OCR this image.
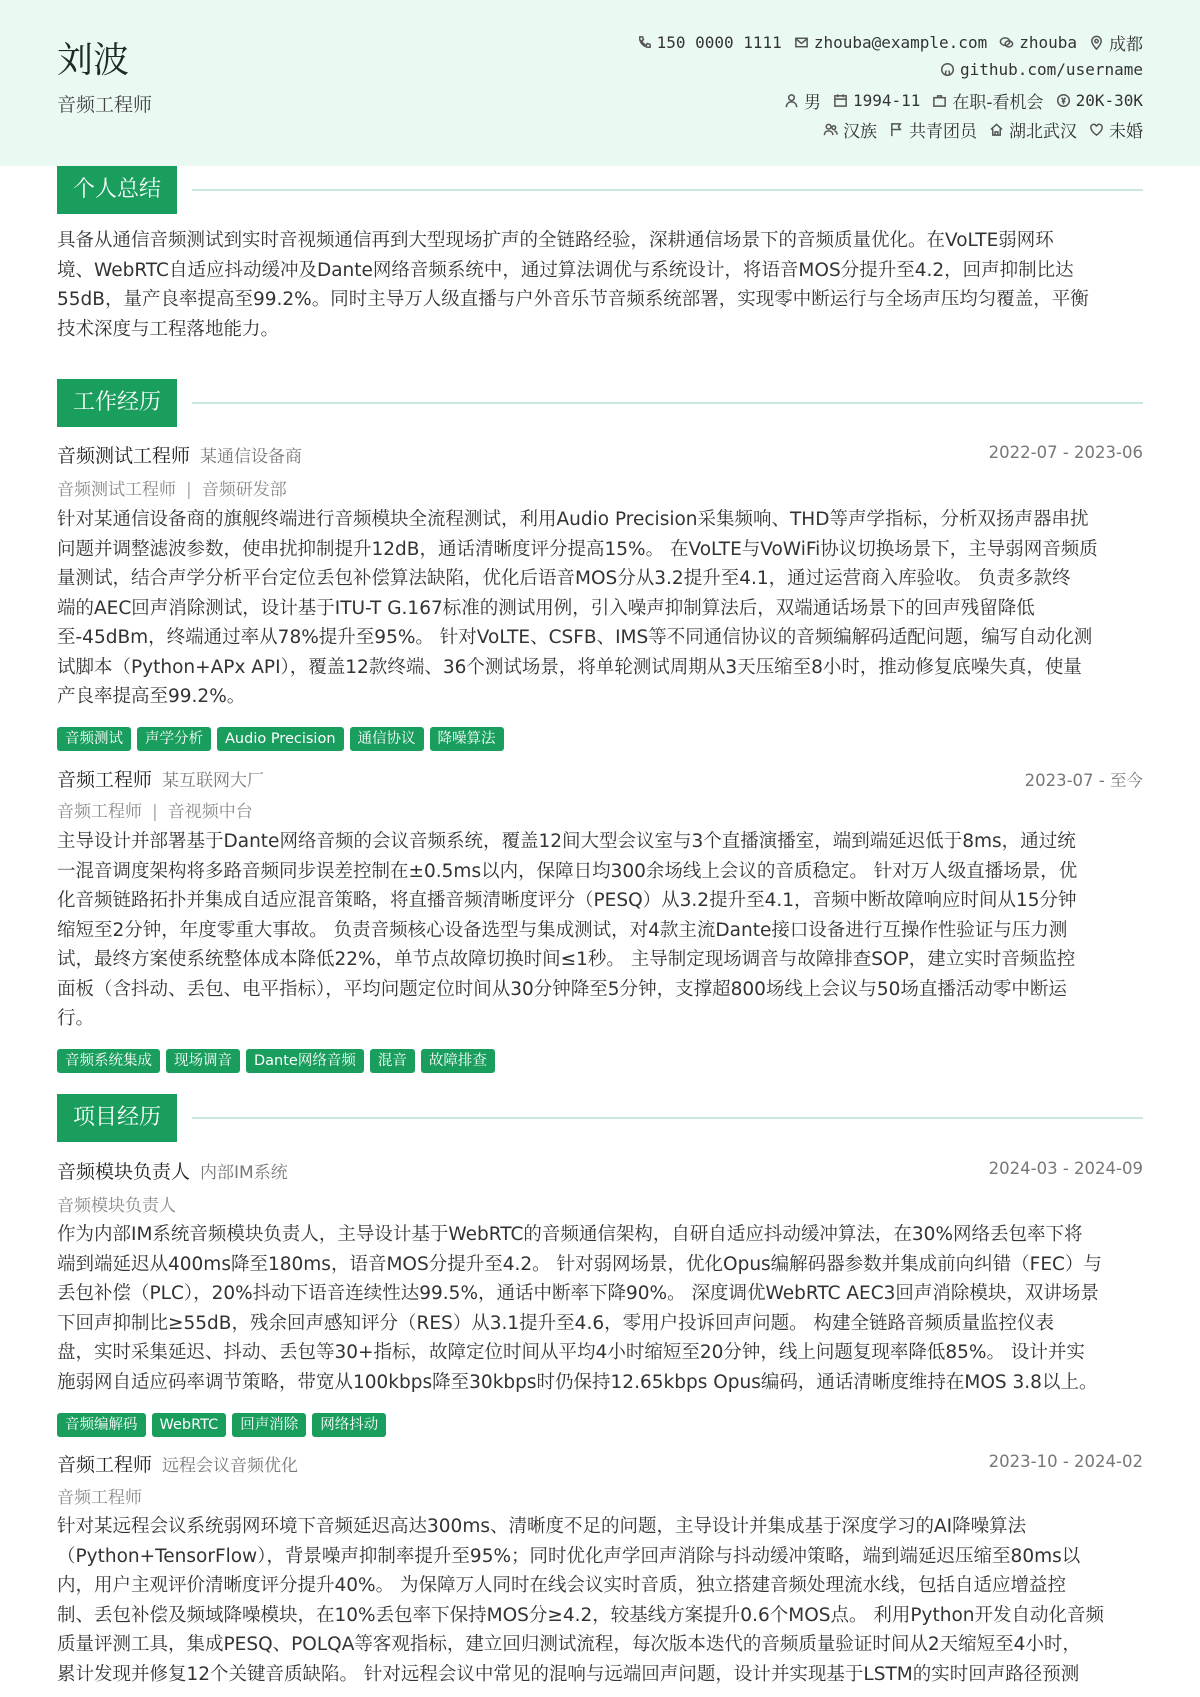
刘波
音频工程师
150 0000 1111 zhouba@example.com zhouba 成都
github.com/username
男 1994-11 在职-看机会 20K-30K
汉族 共青团员 湖北武汉 未婚
个人总结
具备从通信音频测试到实时音视频通信再到大型现场扩声的全链路经验，深耕通信场景下的音频质量优化。在VoLTE弱网环
境、WebRTC自适应抖动缓冲及Dante网络音频系统中，通过算法调优与系统设计，将语音MOS分提升至4.2，回声抑制比达
55dB，量产良率提高至99.2%。同时主导万人级直播与户外音乐节音频系统部署，实现零中断运行与全场声压均匀覆盖，平衡
技术深度与工程落地能力。
工作经历
音频测试工程师 某通信设备商	2022-07 - 2023-06
音频测试工程师 | 音频研发部
针对某通信设备商的旗舰终端进行音频模块全流程测试，利用Audio Precision采集频响、THD等声学指标，分析双扬声器串扰
问题并调整滤波参数，使串扰抑制提升12dB，通话清晰度评分提高15%。 在VoLTE与VoWiFi协议切换场景下，主导弱网音频质
量测试，结合声学分析平台定位丢包补偿算法缺陷，优化后语音MOS分从3.2提升至4.1，通过运营商入库验收。 负责多款终
端的AEC回声消除测试，设计基于ITU-T G.167标准的测试用例，引入噪声抑制算法后，双端通话场景下的回声残留降低
至-45dBm，终端通过率从78%提升至95%。 针对VoLTE、CSFB、IMS等不同通信协议的音频编解码适配问题，编写自动化测
试脚本（Python+APx API），覆盖12款终端、36个测试场景，将单轮测试周期从3天压缩至8小时，推动修复底噪失真，使量
产良率提高至99.2%。
音频测试	声学分析	Audio Precision	通信协议	降噪算法
音频工程师 某互联网大厂	2023-07 - 至今
音频工程师 | 音视频中台
主导设计并部署基于Dante网络音频的会议音频系统，覆盖12间大型会议室与3个直播演播室，端到端延迟低于8ms，通过统
一混音调度架构将多路音频同步误差控制在±0.5ms以内，保障日均300余场线上会议的音质稳定。 针对万人级直播场景，优
化音频链路拓扑并集成自适应混音策略，将直播音频清晰度评分（PESQ）从3.2提升至4.1，音频中断故障响应时间从15分钟
缩短至2分钟，年度零重大事故。 负责音频核心设备选型与集成测试，对4款主流Dante接口设备进行互操作性验证与压力测
试，最终方案使系统整体成本降低22%，单节点故障切换时间≤1秒。 主导制定现场调音与故障排查SOP，建立实时音频监控
面板（含抖动、丢包、电平指标），平均问题定位时间从30分钟降至5分钟，支撑超800场线上会议与50场直播活动零中断运
行。
音频系统集成	现场调音	Dante网络音频	混音	故障排查
项目经历
音频模块负责人 内部IM系统	2024-03 - 2024-09
音频模块负责人
作为内部IM系统音频模块负责人，主导设计基于WebRTC的音频通信架构，自研自适应抖动缓冲算法，在30%网络丢包率下将
端到端延迟从400ms降至180ms，语音MOS分提升至4.2。 针对弱网场景，优化Opus编解码器参数并集成前向纠错（FEC）与
丢包补偿（PLC），20%抖动下语音连续性达99.5%，通话中断率下降90%。 深度调优WebRTC AEC3回声消除模块，双讲场景
下回声抑制比≥55dB，残余回声感知评分（RES）从3.1提升至4.6，零用户投诉回声问题。 构建全链路音频质量监控仪表
盘，实时采集延迟、抖动、丢包等30+指标，故障定位时间从平均4小时缩短至20分钟，线上问题复现率降低85%。 设计并实
施弱网自适应码率调节策略，带宽从100kbps降至30kbps时仍保持12.65kbps Opus编码，通话清晰度维持在MOS 3.8以上。
音频编解码	WebRTC	回声消除	网络抖动
音频工程师 远程会议音频优化	2023-10 - 2024-02
音频工程师
针对某远程会议系统弱网环境下音频延迟高达300ms、清晰度不足的问题，主导设计并集成基于深度学习的AI降噪算法
（Python+TensorFlow），背景噪声抑制率提升至95%；同时优化声学回声消除与抖动缓冲策略，端到端延迟压缩至80ms以
内，用户主观评价清晰度评分提升40%。 为保障万人同时在线会议实时音质，独立搭建音频处理流水线，包括自适应增益控
制、丢包补偿及频域降噪模块，在10%丢包率下保持MOS分≥4.2，较基线方案提升0.6个MOS点。 利用Python开发自动化音频
质量评测工具，集成PESQ、POLQA等客观指标，建立回归测试流程，每次版本迭代的音频质量验证时间从2天缩短至4小时，
累计发现并修复12个关键音质缺陷。 针对远程会议中常见的混响与远端回声问题，设计并实现基于LSTM的实时回声路径预测
